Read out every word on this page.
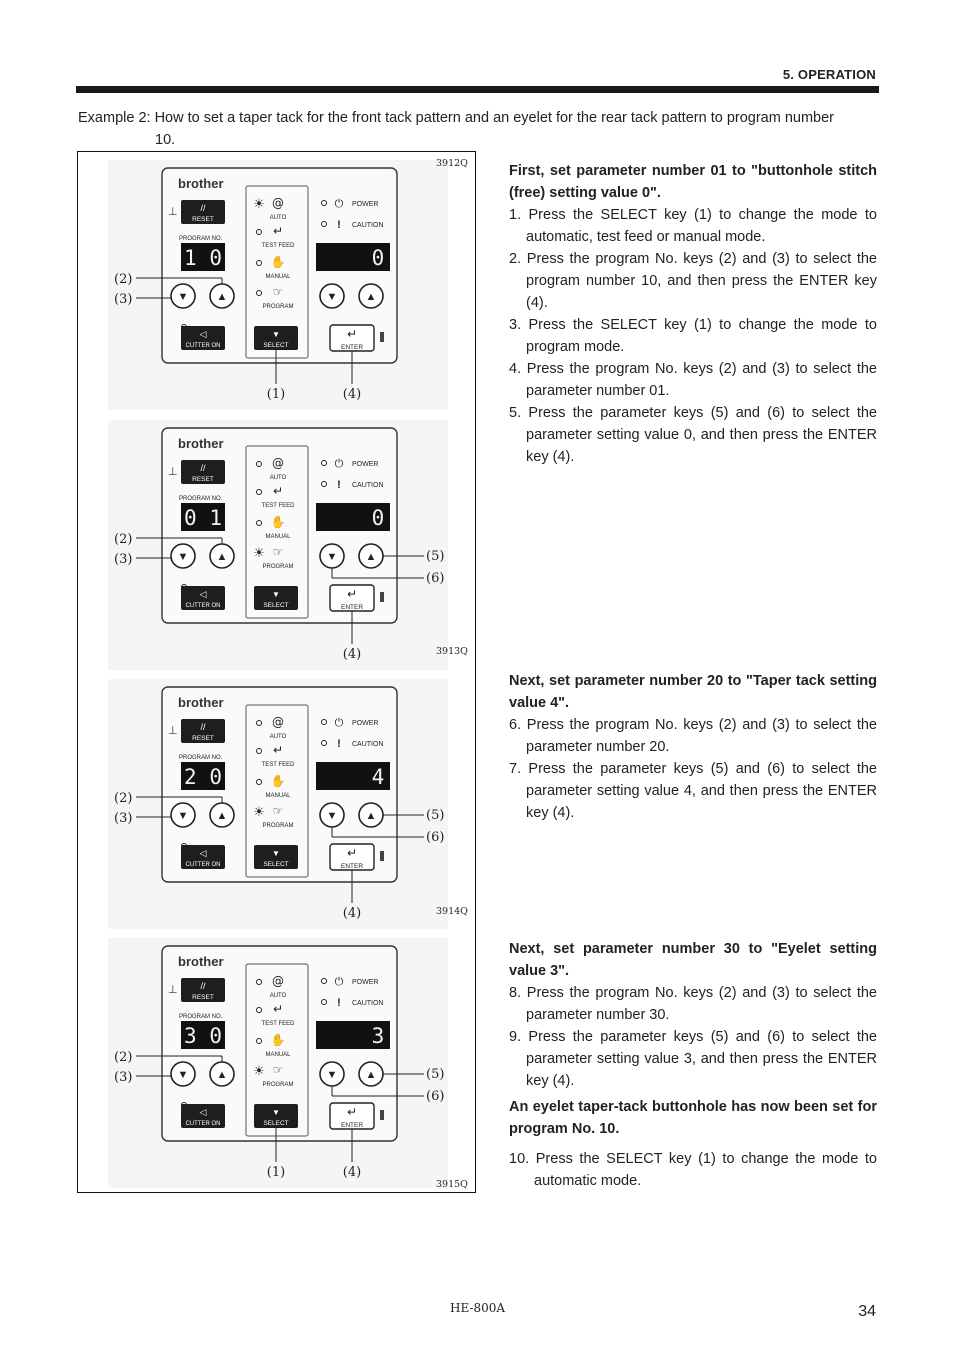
5. OPERATION
Example 2: How to set a taper tack for the front tack pattern and an eyelet for the rear tack pattern to program number
10.
brother
⊥	//
RESET
PROGRAM NO.
1 0
▼	▲
◁
CUTTER ON
☀ @
AUTO
↵
TEST FEED
✋
MANUAL
☞
PROGRAM
▼
SELECT
⏻ POWER
! CAUTION
0
▼	▲
↵
ENTER
(2)
(3)
(1)	(4)
brother
⊥	//
RESET
PROGRAM NO.
0 1
▼	▲
◁
CUTTER ON
@
AUTO
↵
TEST FEED
✋
MANUAL
☀ ☞
PROGRAM
▼
SELECT
⏻ POWER
! CAUTION
0
▼	▲
↵
ENTER
(2)
(3)	(5)
(6)
(4)
brother
⊥	//
RESET
PROGRAM NO.
2 0
▼	▲
◁
CUTTER ON
@
AUTO
↵
TEST FEED
✋
MANUAL
☀ ☞
PROGRAM
▼
SELECT
⏻ POWER
! CAUTION
4
▼	▲
↵
ENTER
(2)
(3)	(5)
(6)
(4)
brother
⊥	//
RESET
PROGRAM NO.
3 0
▼	▲
◁
CUTTER ON
@
AUTO
↵
TEST FEED
✋
MANUAL
☀ ☞
PROGRAM
▼
SELECT
⏻ POWER
! CAUTION
3
▼	▲
↵
ENTER
(2)
(3)	(5)
(6)
(1)	(4)
3912Q
3913Q
3914Q
3915Q
First, set parameter number 01 to "buttonhole stitch (free) setting value 0".
1. Press the SELECT key (1) to change the mode to automatic, test feed or manual mode.
2. Press the program No. keys (2) and (3) to select the program number 10, and then press the ENTER key (4).
3. Press the SELECT key (1) to change the mode to program mode.
4. Press the program No. keys (2) and (3) to select the parameter number 01.
5. Press the parameter keys (5) and (6) to select the parameter setting value 0, and then press the ENTER key (4).
Next, set parameter number 20 to "Taper tack setting value 4".
6. Press the program No. keys (2) and (3) to select the parameter number 20.
7. Press the parameter keys (5) and (6) to select the parameter setting value 4, and then press the ENTER key (4).
Next, set parameter number 30 to "Eyelet setting value 3".
8. Press the program No. keys (2) and (3) to select the parameter number 30.
9. Press the parameter keys (5) and (6) to select the parameter setting value 3, and then press the ENTER key (4).
An eyelet taper-tack buttonhole has now been set for program No. 10.
10. Press the SELECT key (1) to change the mode to automatic mode.
HE-800A	34
